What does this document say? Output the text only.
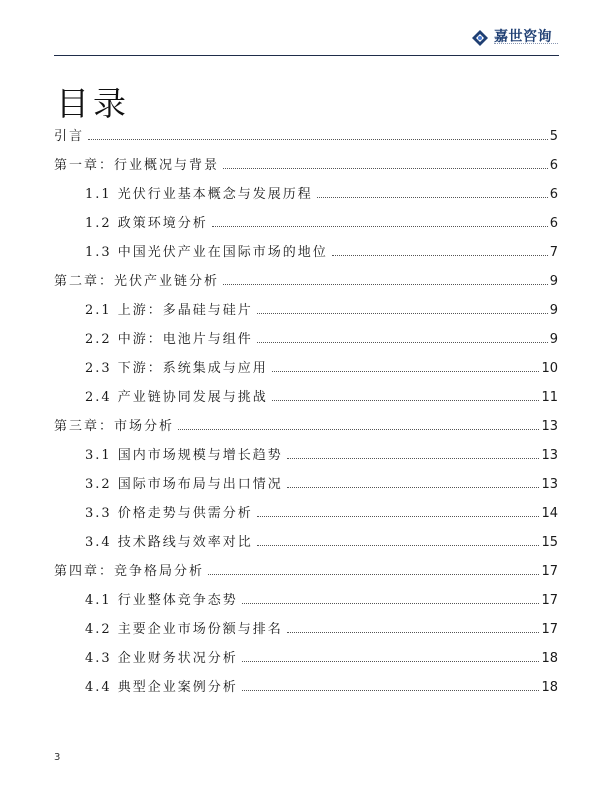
嘉世咨询
目录
引言	5
第一章：行业概况与背景	6
1.1 光伏行业基本概念与发展历程	6
1.2 政策环境分析	6
1.3 中国光伏产业在国际市场的地位	7
第二章：光伏产业链分析	9
2.1 上游：多晶硅与硅片	9
2.2 中游：电池片与组件	9
2.3 下游：系统集成与应用	10
2.4 产业链协同发展与挑战	11
第三章：市场分析	13
3.1 国内市场规模与增长趋势	13
3.2 国际市场布局与出口情况	13
3.3 价格走势与供需分析	14
3.4 技术路线与效率对比	15
第四章：竞争格局分析	17
4.1 行业整体竞争态势	17
4.2 主要企业市场份额与排名	17
4.3 企业财务状况分析	18
4.4 典型企业案例分析	18
3
